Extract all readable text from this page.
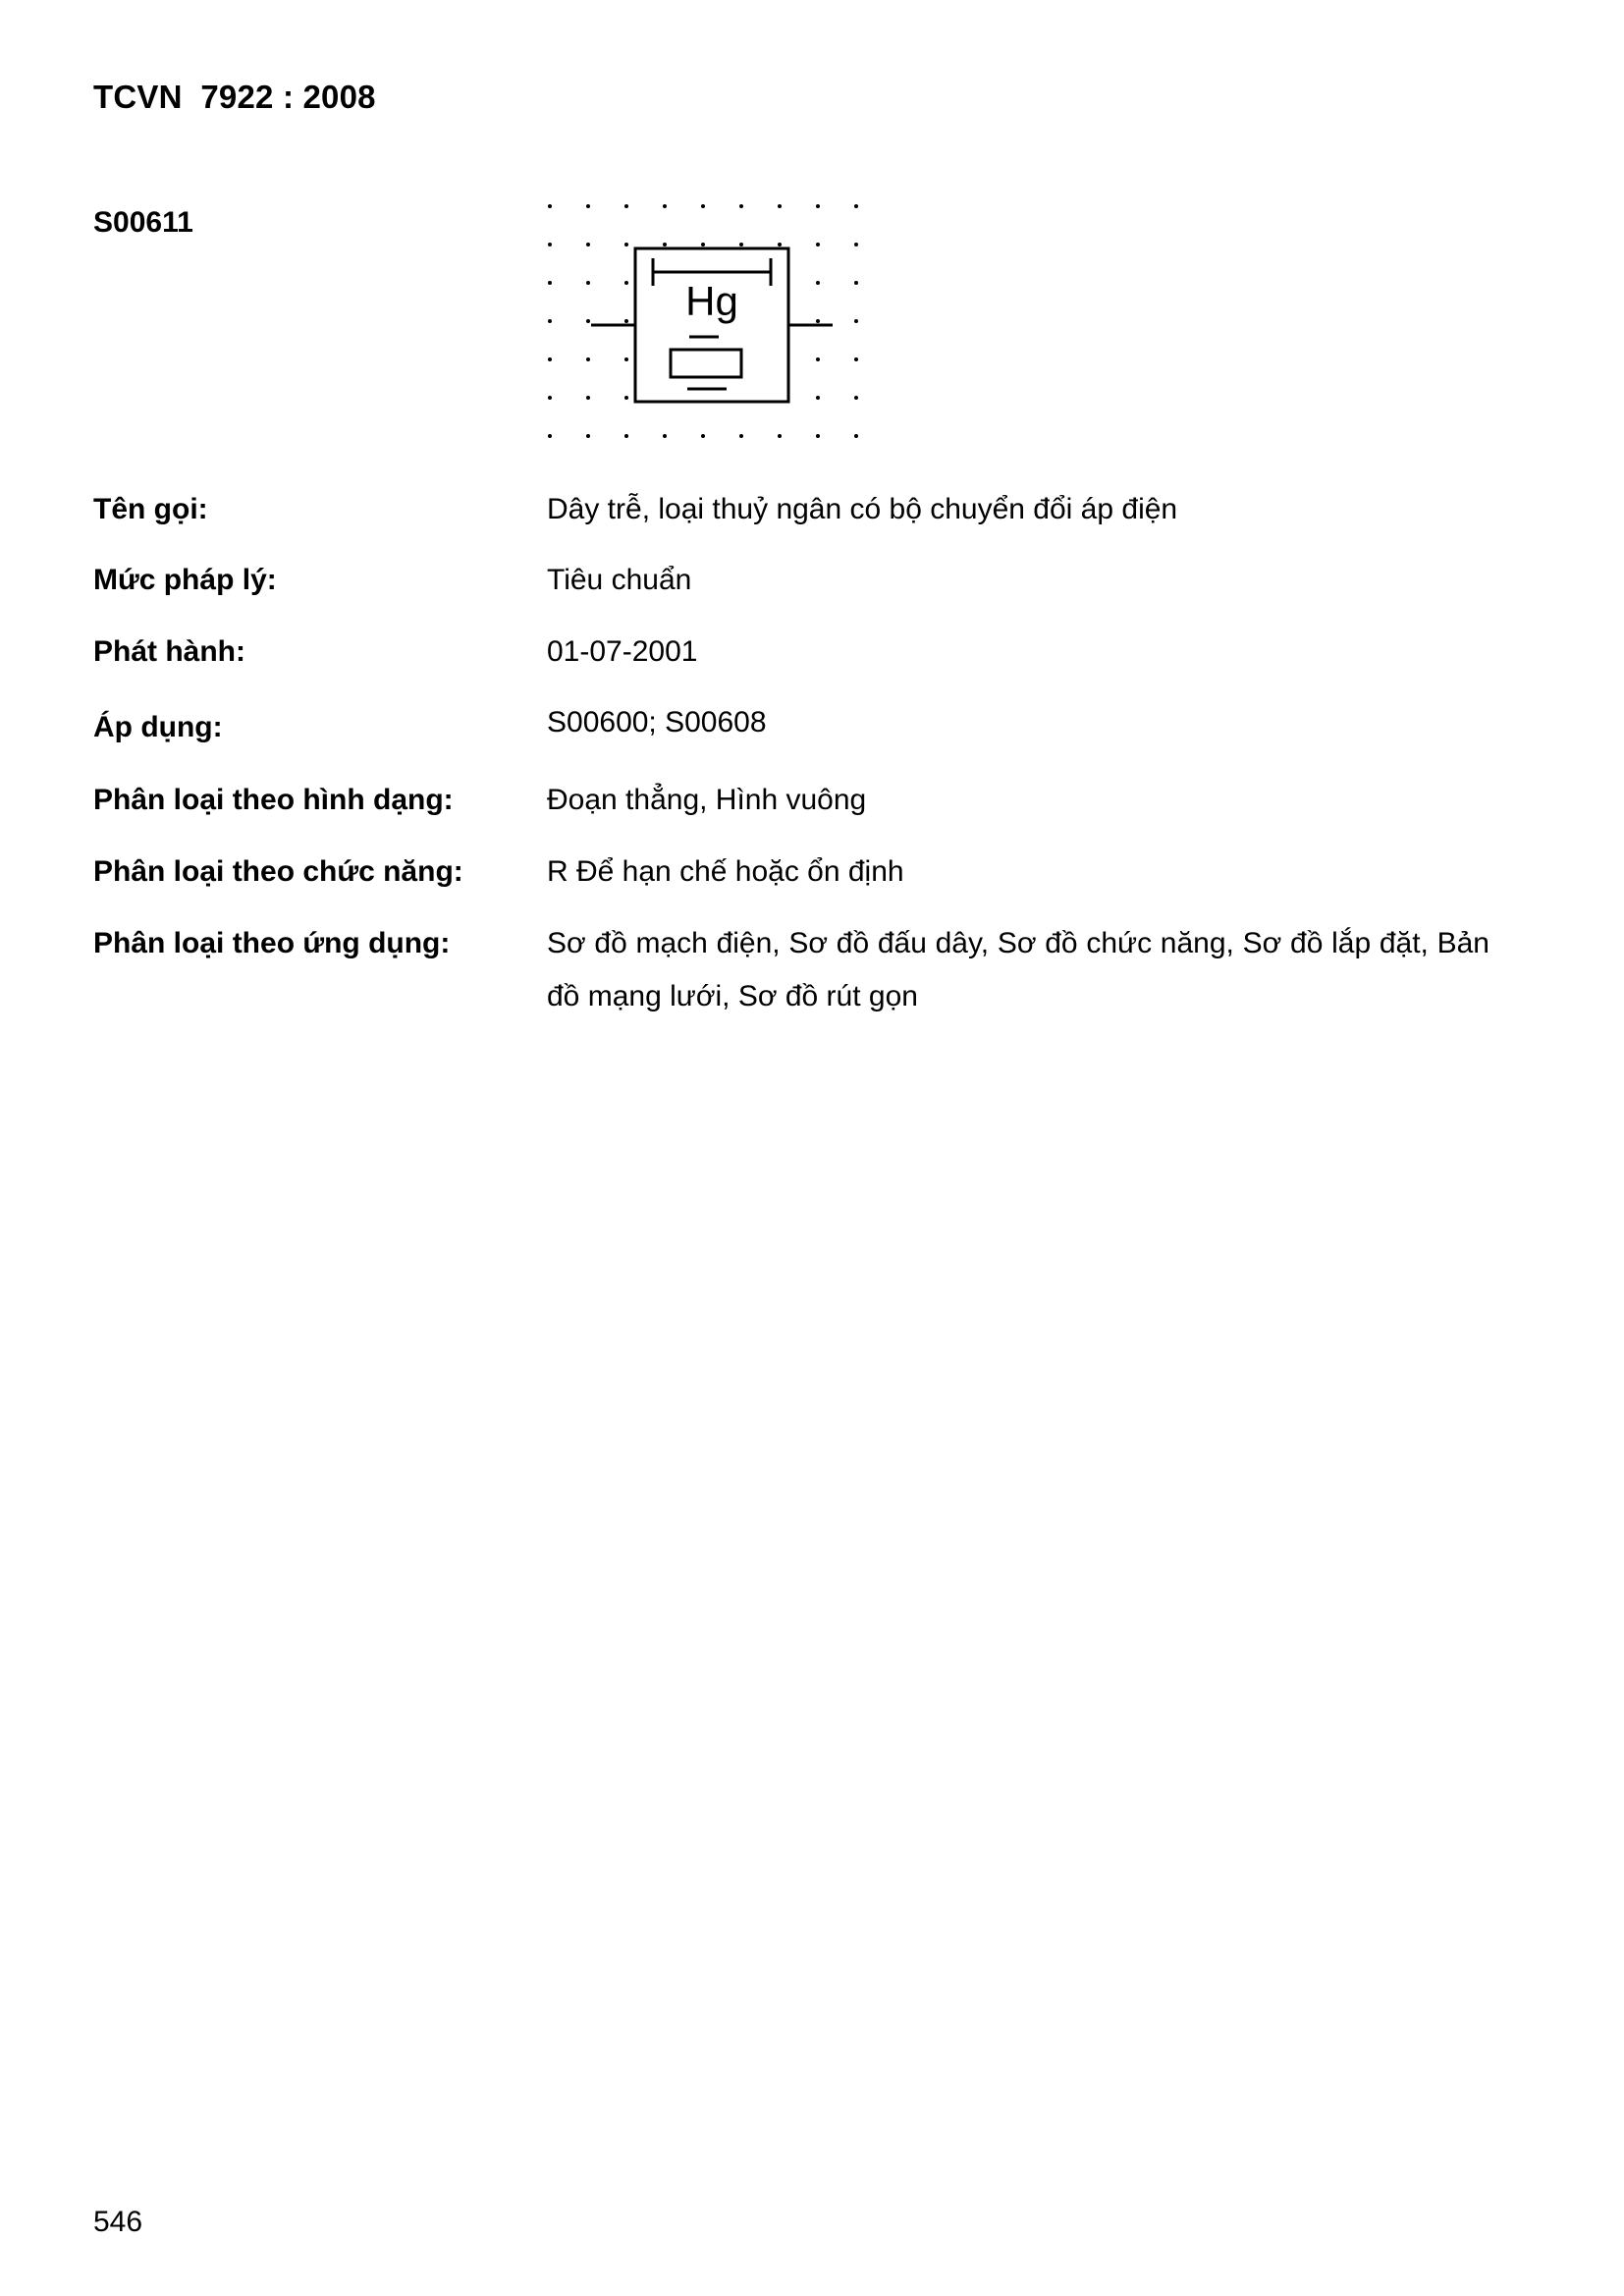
TCVN  7922 : 2008
S00611
Hg
Tên gọi:	Dây trễ, loại thuỷ ngân có bộ chuyển đổi áp điện
Mức pháp lý:	Tiêu chuẩn
Phát hành:	01-07-2001
Áp dụng:	S00600; S00608
Phân loại theo hình dạng:	Đoạn thẳng, Hình vuông
Phân loại theo chức năng:	R Để hạn chế hoặc ổn định
Phân loại theo ứng dụng:	Sơ đồ mạch điện, Sơ đồ đấu dây, Sơ đồ chức năng, Sơ đồ lắp đặt, Bản đồ mạng lưới, Sơ đồ rút gọn
546
